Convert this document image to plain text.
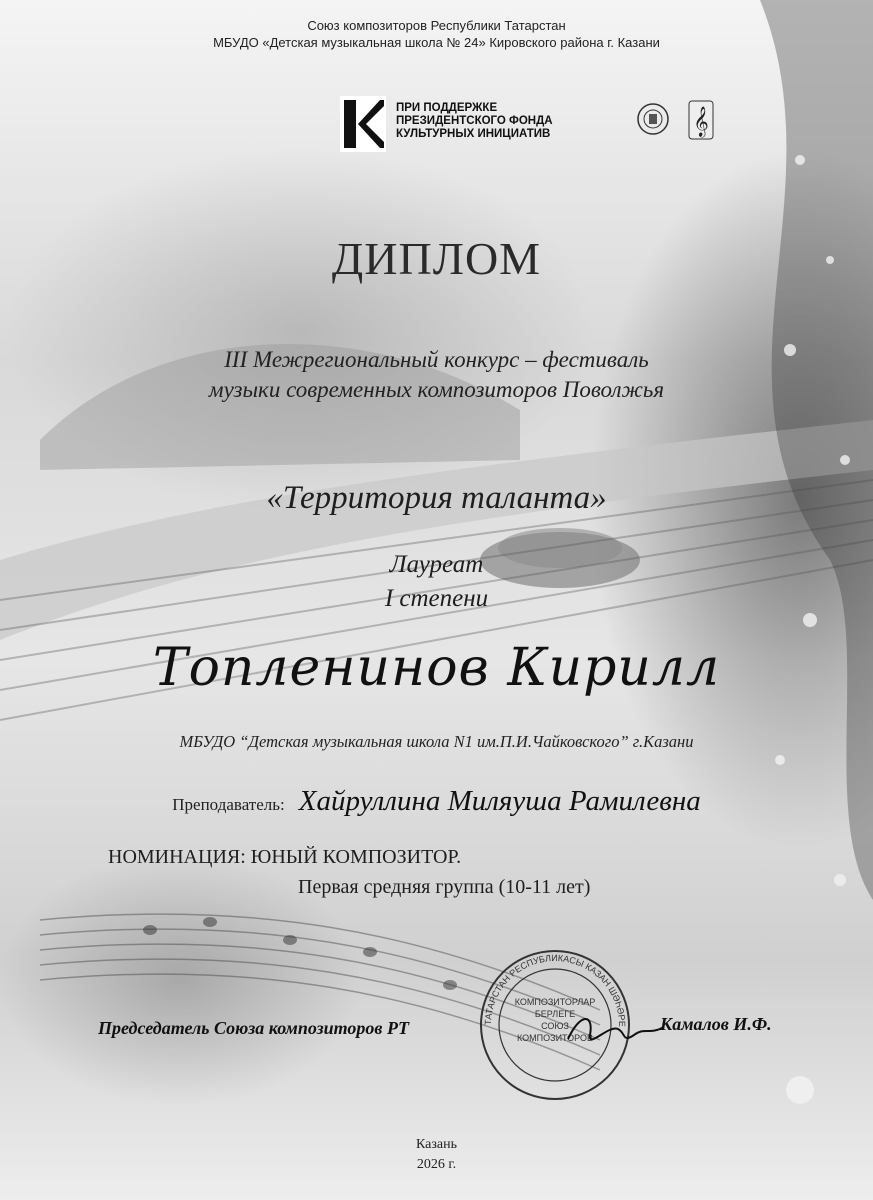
Союз композиторов Республики Татарстан
МБУДО «Детская музыкальная школа № 24» Кировского района г. Казани
ПРИ ПОДДЕРЖКЕ
ПРЕЗИДЕНТСКОГО ФОНДА
КУЛЬТУРНЫХ ИНИЦИАТИВ	𝄞
ДИПЛОМ
III Межрегиональный конкурс – фестиваль
музыки современных композиторов Поволжья
«Территория таланта»
Лауреат
I степени
Топленинов Кирилл
МБУДО “Детская музыкальная школа N1 им.П.И.Чайковского” г.Казани
Преподаватель: Хайруллина Миляуша Рамилевна
НОМИНАЦИЯ: ЮНЫЙ КОМПОЗИТОР.
Первая средняя группа (10-11 лет)
ТАТАРСТАН РЕСПУБЛИКАСЫ КАЗАН ШӘҺӘРЕ
КОМПОЗИТОРЛАР
БЕРЛЕГЕ
СОЮЗ
КОМПОЗИТОРОВ
Председатель Союза композиторов РТ	Камалов И.Ф.
Казань
2026 г.
